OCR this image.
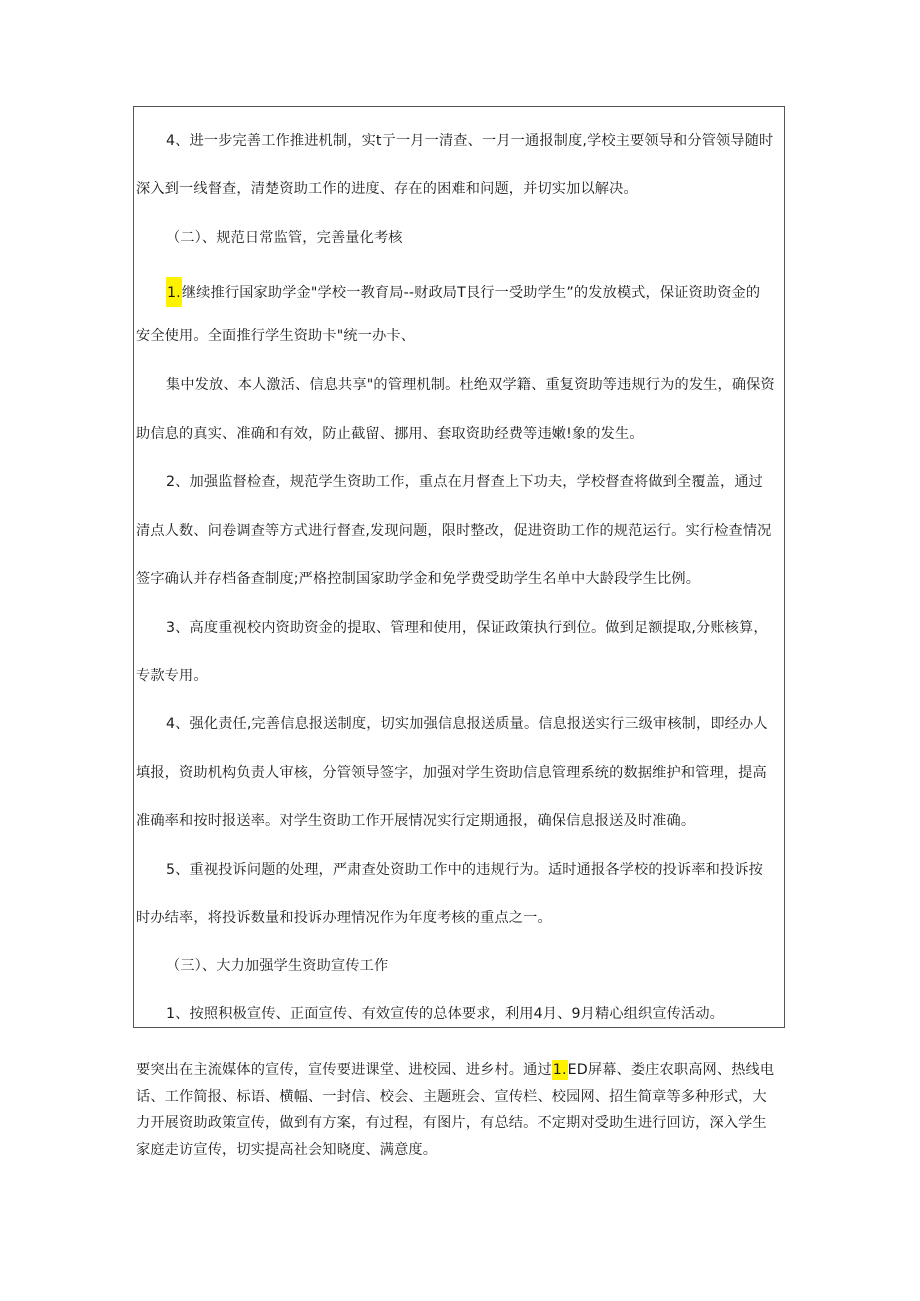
4、进一步完善工作推进机制，实t亍一月一清查、一月一通报制度,学校主要领导和分管领导随时
深入到一线督查，清楚资助工作的进度、存在的困难和问题，并切实加以解决。
（二）、规范日常监管，完善量化考核
1.继续推行国家助学金"学校一教育局--财政局T艮行一受助学生”的发放模式，保证资助资金的
安全使用。全面推行学生资助卡"统一办卡、
集中发放、本人激活、信息共享"的管理机制。杜绝双学籍、重复资助等违规行为的发生，确保资
助信息的真实、准确和有效，防止截留、挪用、套取资助经费等违嫩!象的发生。
2、加强监督检查，规范学生资助工作，重点在月督查上下功夫，学校督查将做到全覆盖，通过
清点人数、问卷调查等方式进行督查,发现问题，限时整改，促进资助工作的规范运行。实行检查情况
签字确认并存档备查制度;严格控制国家助学金和免学费受助学生名单中大龄段学生比例。
3、高度重视校内资助资金的提取、管理和使用，保证政策执行到位。做到足额提取,分账核算，
专款专用。
4、强化责任,完善信息报送制度，切实加强信息报送质量。信息报送实行三级审核制，即经办人
填报，资助机构负责人审核，分管领导签字，加强对学生资助信息管理系统的数据维护和管理，提高
准确率和按时报送率。对学生资助工作开展情况实行定期通报，确保信息报送及时准确。
5、重视投诉问题的处理，严肃查处资助工作中的违规行为。适时通报各学校的投诉率和投诉按
时办结率，将投诉数量和投诉办理情况作为年度考核的重点之一。
（三）、大力加强学生资助宣传工作
1、按照积极宣传、正面宣传、有效宣传的总体要求，利用4月、9月精心组织宣传活动。
要突出在主流媒体的宣传，宣传要进课堂、进校园、进乡村。通过1.ED屏幕、娄庄农职高网、热线电
话、工作简报、标语、横幅、一封信、校会、主题班会、宣传栏、校园网、招生简章等多种形式，大
力开展资助政策宣传，做到有方案，有过程，有图片，有总结。不定期对受助生进行回访，深入学生
家庭走访宣传，切实提高社会知晓度、满意度。
